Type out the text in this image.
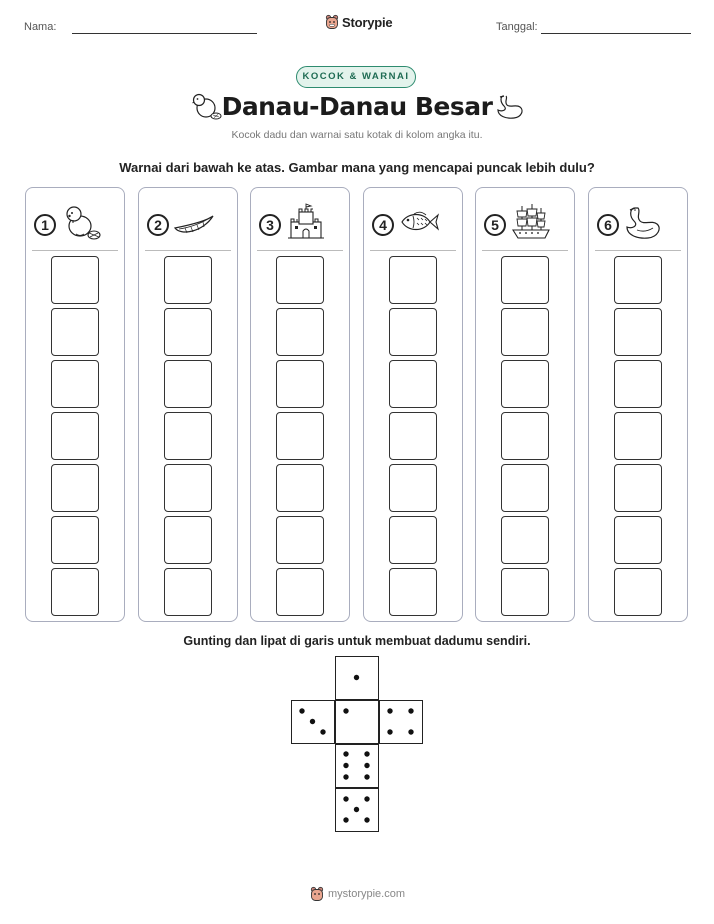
Nama:	Storypie	Tanggal:
KOCOK & WARNAI
Danau-Danau Besar
Kocok dadu dan warnai satu kotak di kolom angka itu.
Warnai dari bawah ke atas. Gambar mana yang mencapai puncak lebih dulu?
1	2	3	4	5	6
Gunting dan lipat di garis untuk membuat dadumu sendiri.
mystorypie.com
